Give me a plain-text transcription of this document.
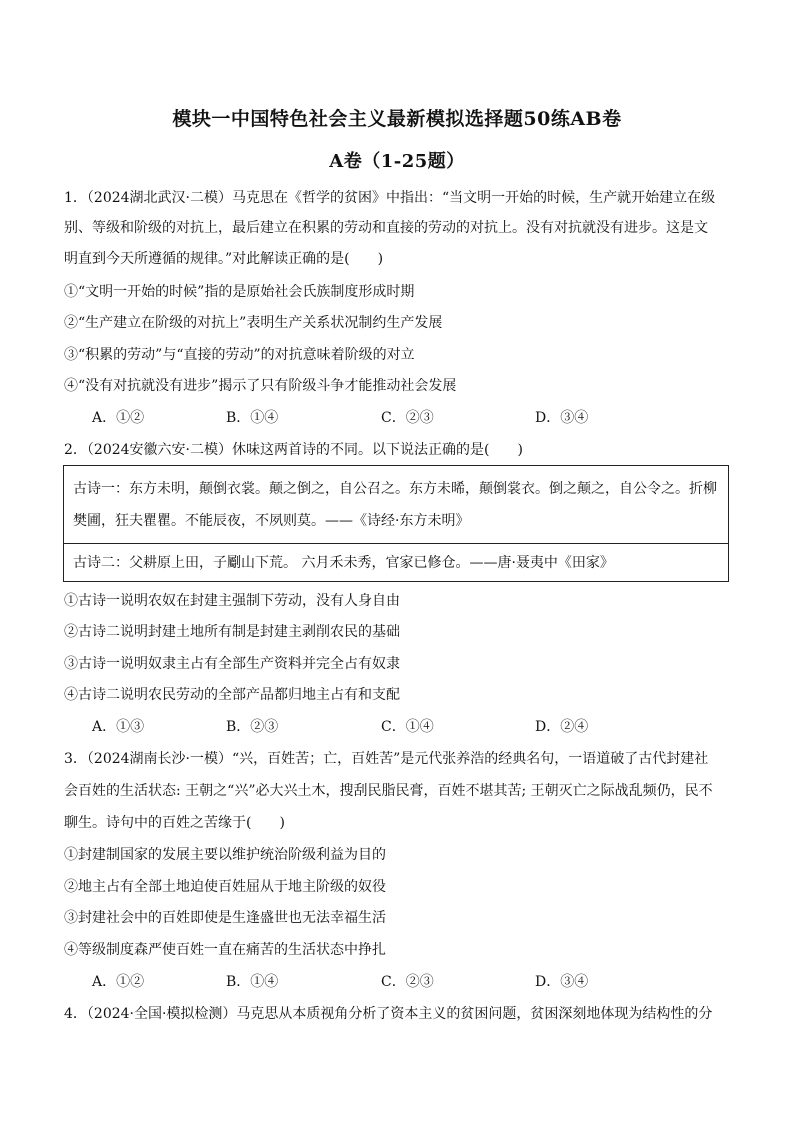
模块一中国特色社会主义最新模拟选择题50练AB卷
A卷（1-25题）
1．（2024湖北武汉·二模）马克思在《哲学的贫困》中指出：“当文明一开始的时候，生产就开始建立在级
别、等级和阶级的对抗上，最后建立在积累的劳动和直接的劳动的对抗上。没有对抗就没有进步。这是文
明直到今天所遵循的规律。”对此解读正确的是(　　)
①“文明一开始的时候”指的是原始社会氏族制度形成时期
②“生产建立在阶级的对抗上”表明生产关系状况制约生产发展
③“积累的劳动”与“直接的劳动”的对抗意味着阶级的对立
④“没有对抗就没有进步”揭示了只有阶级斗争才能推动社会发展
A．①②	B．①④	C．②③	D．③④
2．（2024安徽六安·二模）休味这两首诗的不同。以下说法正确的是(　　)
古诗一：东方未明，颠倒衣裳。颠之倒之，自公召之。东方未晞，颠倒裳衣。倒之颠之，自公令之。折柳
樊圃，狂夫瞿瞿。不能辰夜，不夙则莫。——《诗经·东方未明》
古诗二：父耕原上田，子劚山下荒。 六月禾未秀，官家已修仓。——唐·聂夷中《田家》
①古诗一说明农奴在封建主强制下劳动，没有人身自由
②古诗二说明封建土地所有制是封建主剥削农民的基础
③古诗一说明奴隶主占有全部生产资料并完全占有奴隶
④古诗二说明农民劳动的全部产品都归地主占有和支配
A．①③	B．②③	C．①④	D．②④
3．（2024湖南长沙·一模）“兴，百姓苦；亡，百姓苦”是元代张养浩的经典名句，一语道破了古代封建社
会百姓的生活状态: 王朝之“兴”必大兴土木，搜刮民脂民膏，百姓不堪其苦; 王朝灭亡之际战乱频仍，民不
聊生。诗句中的百姓之苦缘于(　　)
①封建制国家的发展主要以维护统治阶级利益为目的
②地主占有全部土地迫使百姓屈从于地主阶级的奴役
③封建社会中的百姓即使是生逢盛世也无法幸福生活
④等级制度森严使百姓一直在痛苦的生活状态中挣扎
A．①②	B．①④	C．②③	D．③④
4．（2024·全国·模拟检测）马克思从本质视角分析了资本主义的贫困问题，贫困深刻地体现为结构性的分
